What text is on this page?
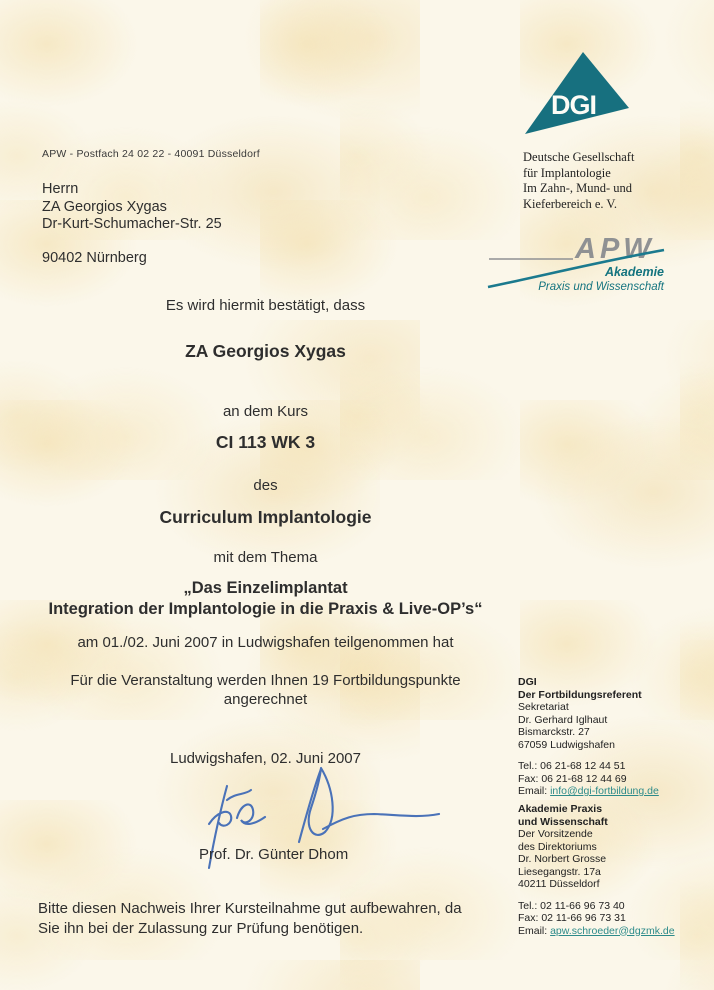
APW - Postfach 24 02 22 - 40091 Düsseldorf
Herrn
ZA Georgios Xygas
Dr-Kurt-Schumacher-Str. 25
90402 Nürnberg
DGI
Deutsche Gesellschaft
für Implantologie
Im Zahn-, Mund- und
Kieferbereich e. V.
APW
Akademie
Praxis und Wissenschaft
Es wird hiermit bestätigt, dass
ZA Georgios Xygas
an dem Kurs
CI 113 WK 3
des
Curriculum Implantologie
mit dem Thema
„Das Einzelimplantat
Integration der Implantologie in die Praxis & Live-OP’s“
am 01./02. Juni 2007 in Ludwigshafen teilgenommen hat
Für die Veranstaltung werden Ihnen 19 Fortbildungspunkte
angerechnet
Ludwigshafen, 02. Juni 2007
Prof. Dr. Günter Dhom
Bitte diesen Nachweis Ihrer Kursteilnahme gut aufbewahren, da
Sie ihn bei der Zulassung zur Prüfung benötigen.
DGI
Der Fortbildungsreferent
Sekretariat
Dr. Gerhard Iglhaut
Bismarckstr. 27
67059 Ludwigshafen
Tel.: 06 21-68 12 44 51
Fax: 06 21-68 12 44 69
Email: info@dgi-fortbildung.de
Akademie Praxis
und Wissenschaft
Der Vorsitzende
des Direktoriums
Dr. Norbert Grosse
Liesegangstr. 17a
40211 Düsseldorf
Tel.: 02 11-66 96 73 40
Fax: 02 11-66 96 73 31
Email: apw.schroeder@dgzmk.de
